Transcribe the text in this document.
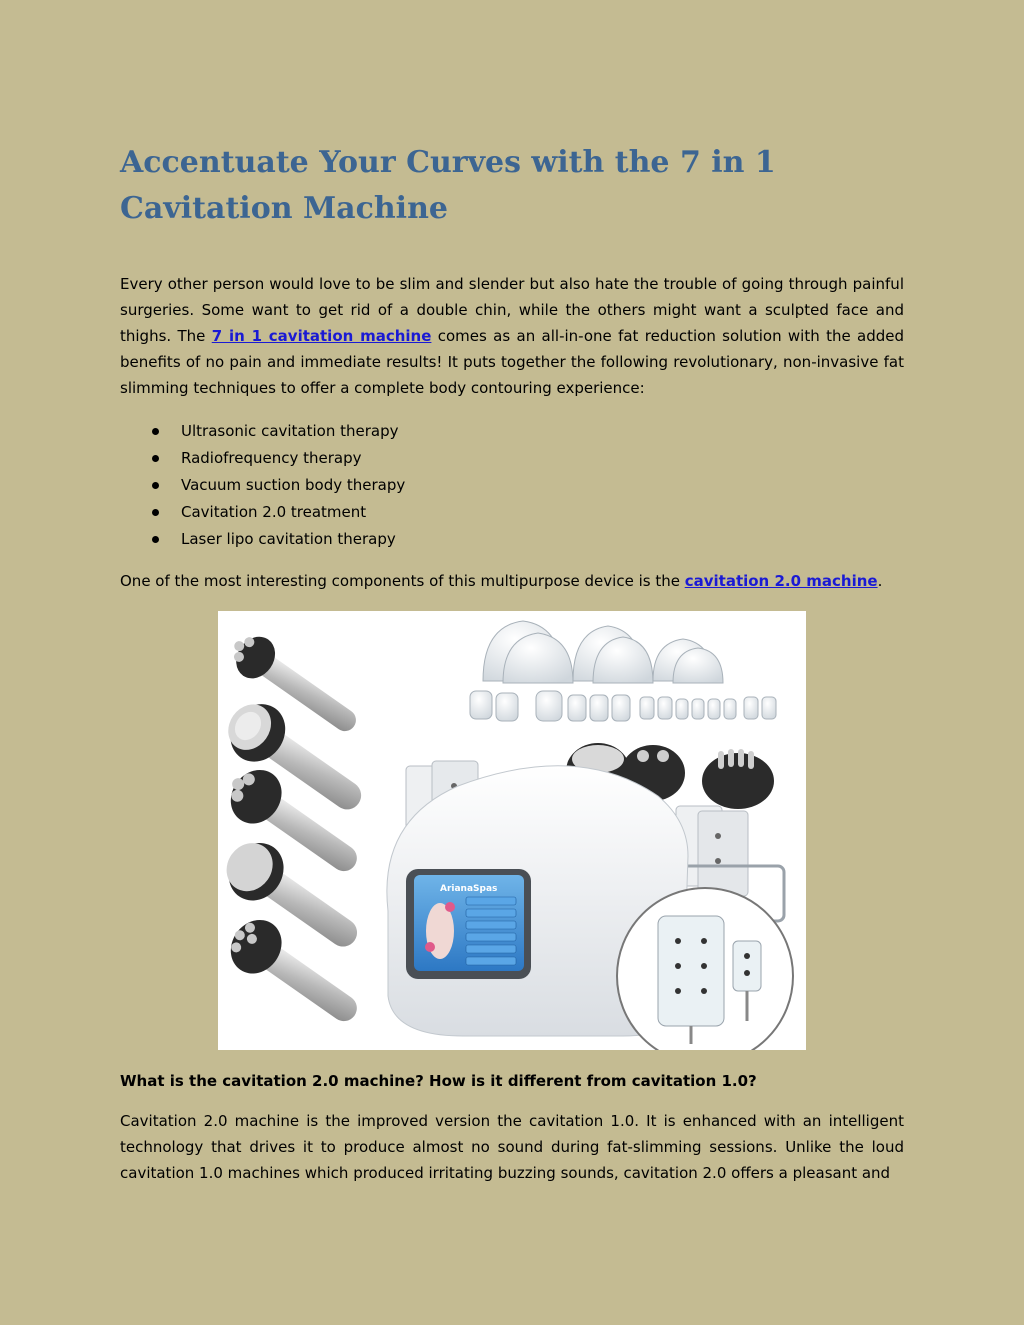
Accentuate Your Curves with the 7 in 1 Cavitation Machine

Every other person would love to be slim and slender but also hate the trouble of going through painful surgeries. Some want to get rid of a double chin, while the others might want a sculpted face and thighs. The 7 in 1 cavitation machine comes as an all-in-one fat reduction solution with the added benefits of no pain and immediate results! It puts together the following revolutionary, non-invasive fat slimming techniques to offer a complete body contouring experience:

Ultrasonic cavitation therapy
Radiofrequency therapy
Vacuum suction body therapy
Cavitation 2.0 treatment
Laser lipo cavitation therapy

One of the most interesting components of this multipurpose device is the cavitation 2.0 machine.

What is the cavitation 2.0 machine? How is it different from cavitation 1.0?

Cavitation 2.0 machine is the improved version the cavitation 1.0. It is enhanced with an intelligent technology that drives it to produce almost no sound during fat-slimming sessions. Unlike the loud cavitation 1.0 machines which produced irritating buzzing sounds, cavitation 2.0 offers a pleasant and

ArianaSpas
